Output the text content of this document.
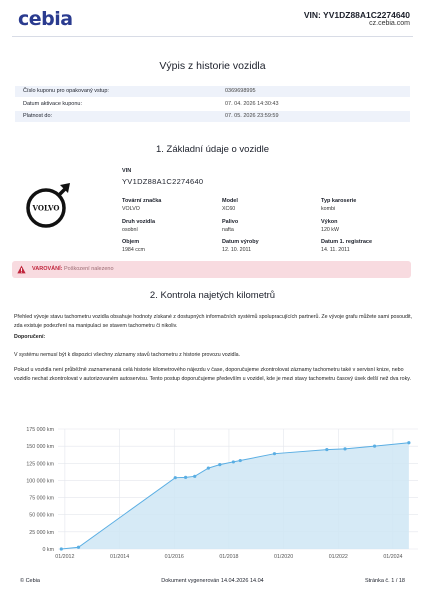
cebia	VIN: YV1DZ88A1C2274640
cz.cebia.com
Výpis z historie vozidla
Číslo kuponu pro opakovaný vstup:	0369698995
Datum aktivace kuponu:	07. 04. 2026 14:30:43
Platnost do:	07. 05. 2026 23:59:59
1. Základní údaje o vozidle
VOLVO
VIN
YV1DZ88A1C2274640
Tovární značka
VOLVO
Model
XC60
Typ karoserie
kombi
Druh vozidla
osobní
Palivo
nafta
Výkon
120 kW
Objem
1984 ccm
Datum výroby
12. 10. 2011
Datum 1. registrace
14. 11. 2011
VAROVÁNÍ: Poškození nalezeno
2. Kontrola najetých kilometrů
Přehled vývoje stavu tachometru vozidla obsahuje hodnoty získané z dostupných informačních systémů spolupracujících partnerů. Ze vývoje grafu můžete sami posoudit, zda existuje podezření na manipulaci se stavem tachometru či nikoliv.
Doporučení:
V systému nemusí být k dispozici všechny záznamy stavů tachometru z historie provozu vozidla.
Pokud u vozidla není průběžně zaznamenaná celá historie kilometrového nájezdu v čase, doporučujeme zkontrolovat záznamy tachometru také v servisní knize, nebo vozidlo nechat zkontrolovat v autorizovaném autoservisu. Tento postup doporučujeme především u vozidel, kde je mezi stavy tachometru časový úsek delší než dva roky.
0 km
25 000 km
50 000 km
75 000 km
100 000 km
125 000 km
150 000 km
175 000 km
01/2012	01/2014	01/2016	01/2018	01/2020	01/2022	01/2024
© Cebia	Dokument vygenerován 14.04.2026 14.04	Stránka č. 1 / 18
